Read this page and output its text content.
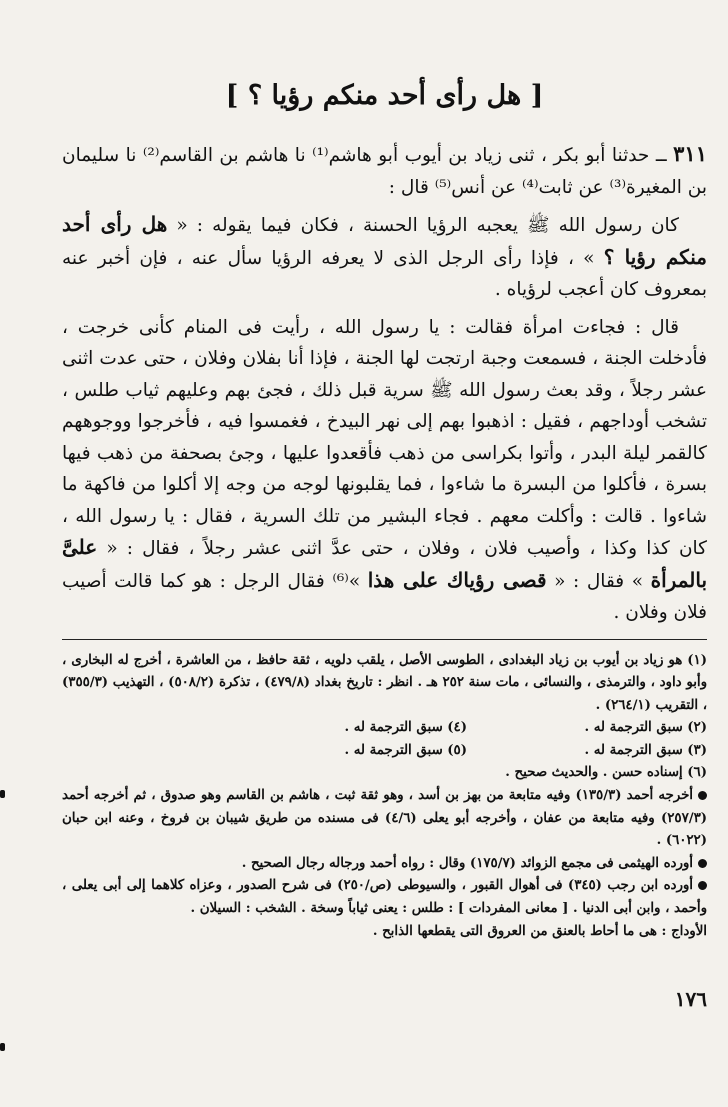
[ هل رأى أحد منكم رؤيا ؟ ]

٣١١ ــ حدثنا أبو بكر ، ثنى زياد بن أيوب أبو هاشم⁽¹⁾ نا هاشم بن القاسم⁽²⁾ نا سليمان بن المغيرة⁽³⁾ عن ثابت⁽⁴⁾ عن أنس⁽⁵⁾ قال :

كان رسول الله ﷺ يعجبه الرؤيا الحسنة ، فكان فيما يقوله : « هل رأى أحد منكم رؤيا ؟ » ، فإذا رأى الرجل الذى لا يعرفه الرؤيا سأل عنه ، فإن أخبر عنه بمعروف كان أعجب لرؤياه .

قال : فجاءت امرأة فقالت : يا رسول الله ، رأيت فى المنام كأنى خرجت ، فأدخلت الجنة ، فسمعت وجبة ارتجت لها الجنة ، فإذا أنا بفلان وفلان ، حتى عدت اثنى عشر رجلاً ، وقد بعث رسول الله ﷺ سرية قبل ذلك ، فجئ بهم وعليهم ثياب طلس ، تشخب أوداجهم ، فقيل : اذهبوا بهم إلى نهر البيدخ ، فغمسوا فيه ، فأخرجوا ووجوههم كالقمر ليلة البدر ، وأتوا بكراسى من ذهب فأقعدوا عليها ، وجئ بصحفة من ذهب فيها بسرة ، فأكلوا من البسرة ما شاءوا ، فما يقلبونها لوجه من وجه إلا أكلوا من فاكهة ما شاءوا . قالت : وأكلت معهم . فجاء البشير من تلك السرية ، فقال : يا رسول الله ، كان كذا وكذا ، وأصيب فلان ، وفلان ، حتى عدَّ اثنى عشر رجلاً ، فقال : « علىَّ بالمرأة » فقال : « قصى رؤياك على هذا »⁽⁶⁾ فقال الرجل : هو كما قالت أصيب فلان وفلان .

(١) هو زياد بن أيوب بن زياد البغدادى ، الطوسى الأصل ، يلقب دلويه ، ثقة حافظ ، من العاشرة ، أخرج له البخارى ، وأبو داود ، والترمذى ، والنسائى ، مات سنة ٢٥٢ هـ . انظر : تاريخ بغداد (٤٧٩/٨) ، تذكرة (٥٠٨/٢) ، التهذيب (٣٥٥/٣) ، التقريب (٢٦٤/١) .

(٢) سبق الترجمة له .
(٤) سبق الترجمة له .
(٣) سبق الترجمة له .
(٥) سبق الترجمة له .

(٦) إسناده حسن . والحديث صحيح .

أخرجه أحمد (١٣٥/٣) وفيه متابعة من بهز بن أسد ، وهو ثقة ثبت ، هاشم بن القاسم وهو صدوق ، ثم أخرجه أحمد (٢٥٧/٣) وفيه متابعة من عفان ، وأخرجه أبو يعلى (٤/٦) فى مسنده من طريق شيبان بن فروخ ، وعنه ابن حبان (٦٠٢٢) .

أورده الهيثمى فى مجمع الزوائد (١٧٥/٧) وقال : رواه أحمد ورجاله رجال الصحيح .

أورده ابن رجب (٣٤٥) فى أهوال القبور ، والسيوطى (ص/٢٥٠) فى شرح الصدور ، وعزاه كلاهما إلى أبى يعلى ، وأحمد ، وابن أبى الدنيا . [ معانى المفردات ] : طلس : يعنى ثياباً وسخة . الشخب : السيلان .

الأوداج : هى ما أحاط بالعنق من العروق التى يقطعها الذابح .

١٧٦
